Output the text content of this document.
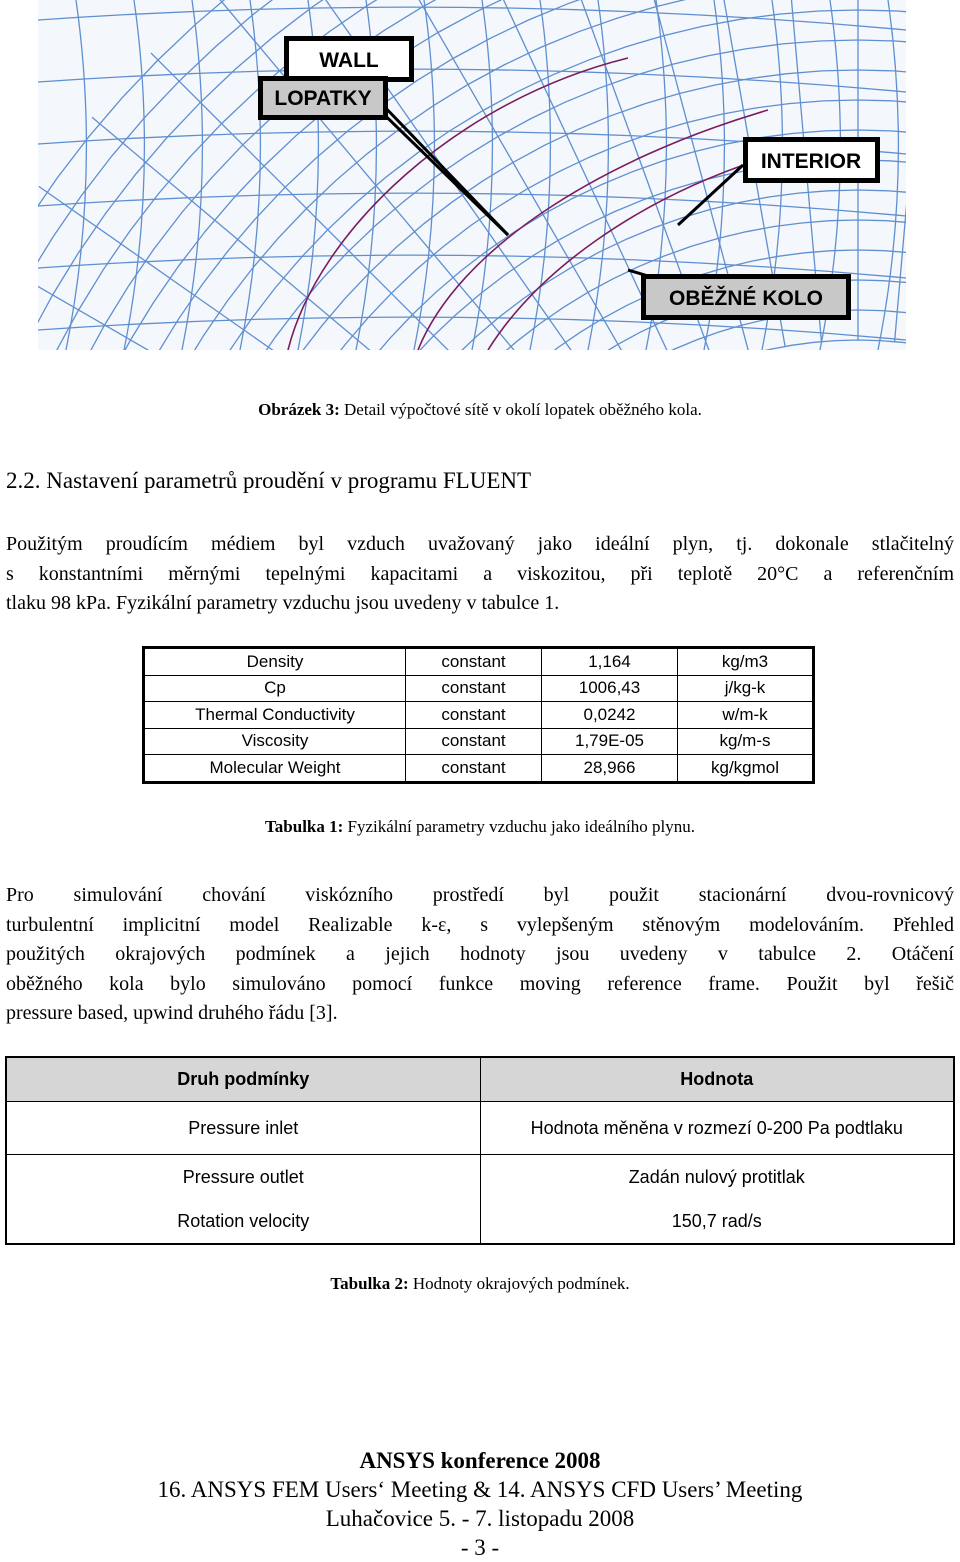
WALL
LOPATKY
INTERIOR
OBĚŽNÉ KOLO
Obrázek 3: Detail výpočtové sítě v okolí lopatek oběžného kola.
2.2. Nastavení parametrů proudění v programu FLUENT
Použitým proudícím médiem byl vzduch uvažovaný jako ideální plyn, tj. dokonale stlačitelný
s konstantními měrnými tepelnými kapacitami a viskozitou, při teplotě 20°C a referenčním
tlaku 98 kPa. Fyzikální parametry vzduchu jsou uvedeny v tabulce 1.
Density	constant	1,164	kg/m3
Cp	constant	1006,43	j/kg-k
Thermal Conductivity	constant	0,0242	w/m-k
Viscosity	constant	1,79E-05	kg/m-s
Molecular Weight	constant	28,966	kg/kgmol
Tabulka 1: Fyzikální parametry vzduchu jako ideálního plynu.
Pro simulování chování viskózního prostředí byl použit stacionární dvou-rovnicový
turbulentní implicitní model Realizable k-ε, s vylepšeným stěnovým modelováním. Přehled
použitých okrajových podmínek a jejich hodnoty jsou uvedeny v tabulce 2. Otáčení
oběžného kola bylo simulováno pomocí funkce moving reference frame. Použit byl řešič
pressure based, upwind druhého řádu [3].
Druh podmínky	Hodnota
Pressure inlet	Hodnota měněna v rozmezí 0-200 Pa podtlaku
Pressure outlet	Zadán nulový protitlak
Rotation velocity	150,7 rad/s
Tabulka 2: Hodnoty okrajových podmínek.
ANSYS konference 2008
16. ANSYS FEM Users‘ Meeting & 14. ANSYS CFD Users’ Meeting
Luhačovice 5. - 7. listopadu 2008
- 3 -
